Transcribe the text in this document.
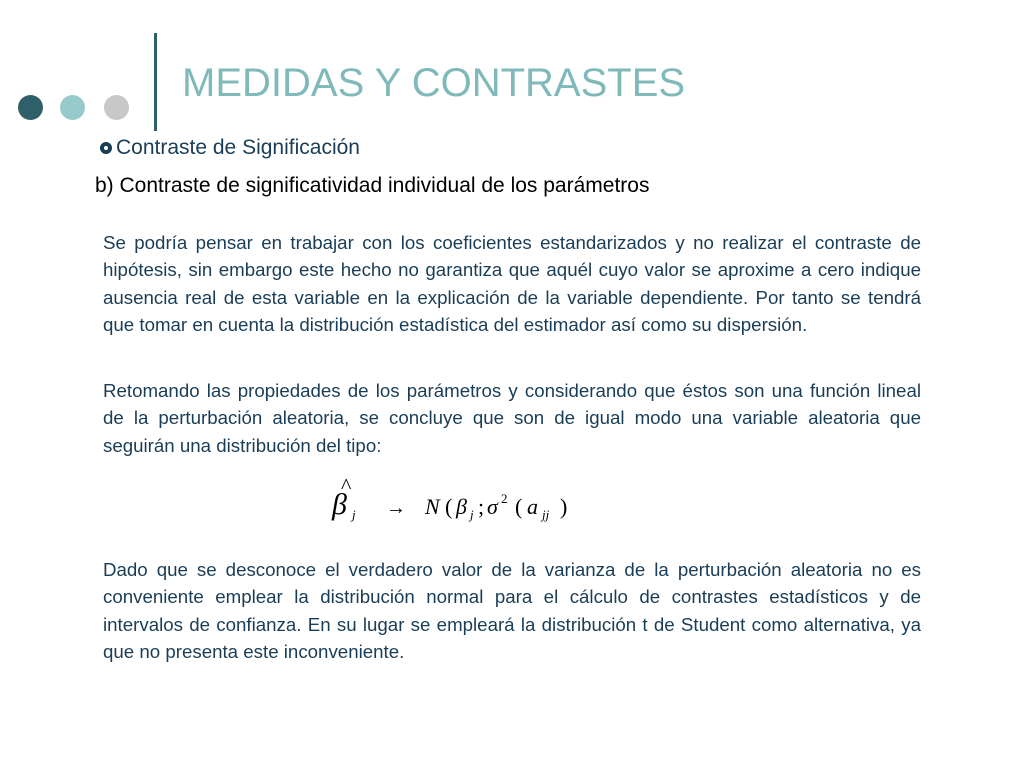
MEDIDAS Y CONTRASTES
Contraste de Significación
b) Contraste de significatividad individual de los parámetros

Se podría pensar en trabajar con los coeficientes estandarizados y no realizar el contraste de hipótesis, sin embargo este hecho no garantiza que aquél cuyo valor se aproxime a cero indique ausencia real de esta variable en la explicación de la variable dependiente. Por tanto se tendrá que tomar en cuenta la distribución estadística del estimador así como su dispersión.

Retomando las propiedades de los parámetros y considerando que éstos son una función lineal de la perturbación aleatoria, se concluye que son de igual modo una variable aleatoria que seguirán una distribución del tipo:

^
β j → N ( β j ; σ 2 ( a jj )

Dado que se desconoce el verdadero valor de la varianza de la perturbación aleatoria no es conveniente emplear la distribución normal para el cálculo de contrastes estadísticos y de intervalos de confianza. En su lugar se empleará la distribución t de Student como alternativa, ya que no presenta este inconveniente.
